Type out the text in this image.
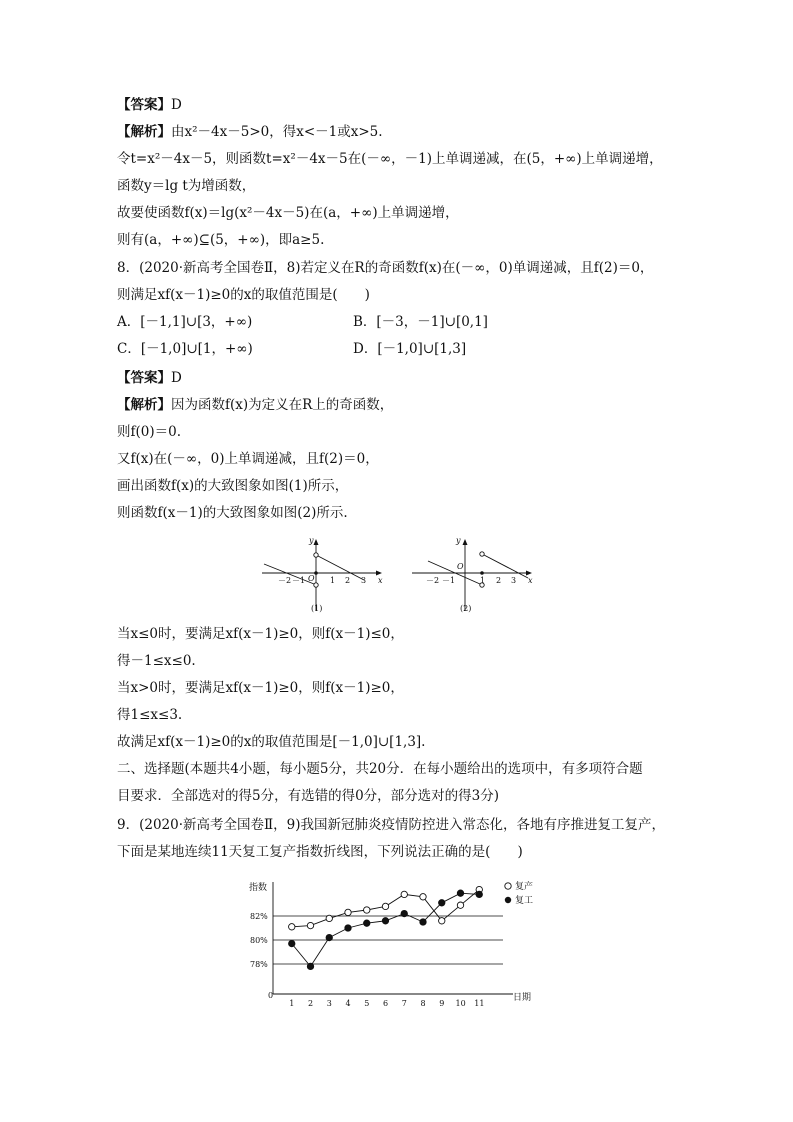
【答案】D
【解析】由x²－4x－5>0，得x<－1或x>5.
令t=x²－4x－5，则函数t=x²－4x－5在(－∞，－1)上单调递减，在(5，+∞)上单调递增，
函数y＝lg t为增函数，
故要使函数f(x)＝lg(x²－4x－5)在(a，+∞)上单调递增，
则有(a，+∞)⊆(5，+∞)，即a≥5.
8．(2020·新高考全国卷Ⅱ，8)若定义在R的奇函数f(x)在(－∞，0)单调递减，且f(2)＝0，
则满足xf(x－1)≥0的x的取值范围是(　　)
A．[－1,1]∪[3，+∞)	B．[－3，－1]∪[0,1]
C．[－1,0]∪[1，+∞)	D．[－1,0]∪[1,3]
【答案】D
【解析】因为函数f(x)为定义在R上的奇函数，
则f(0)＝0.
又f(x)在(－∞，0)上单调递减，且f(2)＝0，
画出函数f(x)的大致图象如图(1)所示，
则函数f(x－1)的大致图象如图(2)所示.
y
x
O
－2 －1	1 2 3
(1)
y
x
O
－2 －1	1 2 3
(2)
当x≤0时，要满足xf(x－1)≥0，则f(x－1)≤0，
得－1≤x≤0.
当x>0时，要满足xf(x－1)≥0，则f(x－1)≥0，
得1≤x≤3.
故满足xf(x－1)≥0的x的取值范围是[－1,0]∪[1,3].
二、选择题(本题共4小题，每小题5分，共20分．在每小题给出的选项中，有多项符合题
目要求．全部选对的得5分，有选错的得0分，部分选对的得3分)
9．(2020·新高考全国卷Ⅱ，9)我国新冠肺炎疫情防控进入常态化，各地有序推进复工复产，
下面是某地连续11天复工复产指数折线图，下列说法正确的是(　　)
指数
日期
0
1 2 3 4 5 6 7 8 9 10 11
78%
80%
82%
复产
复工
